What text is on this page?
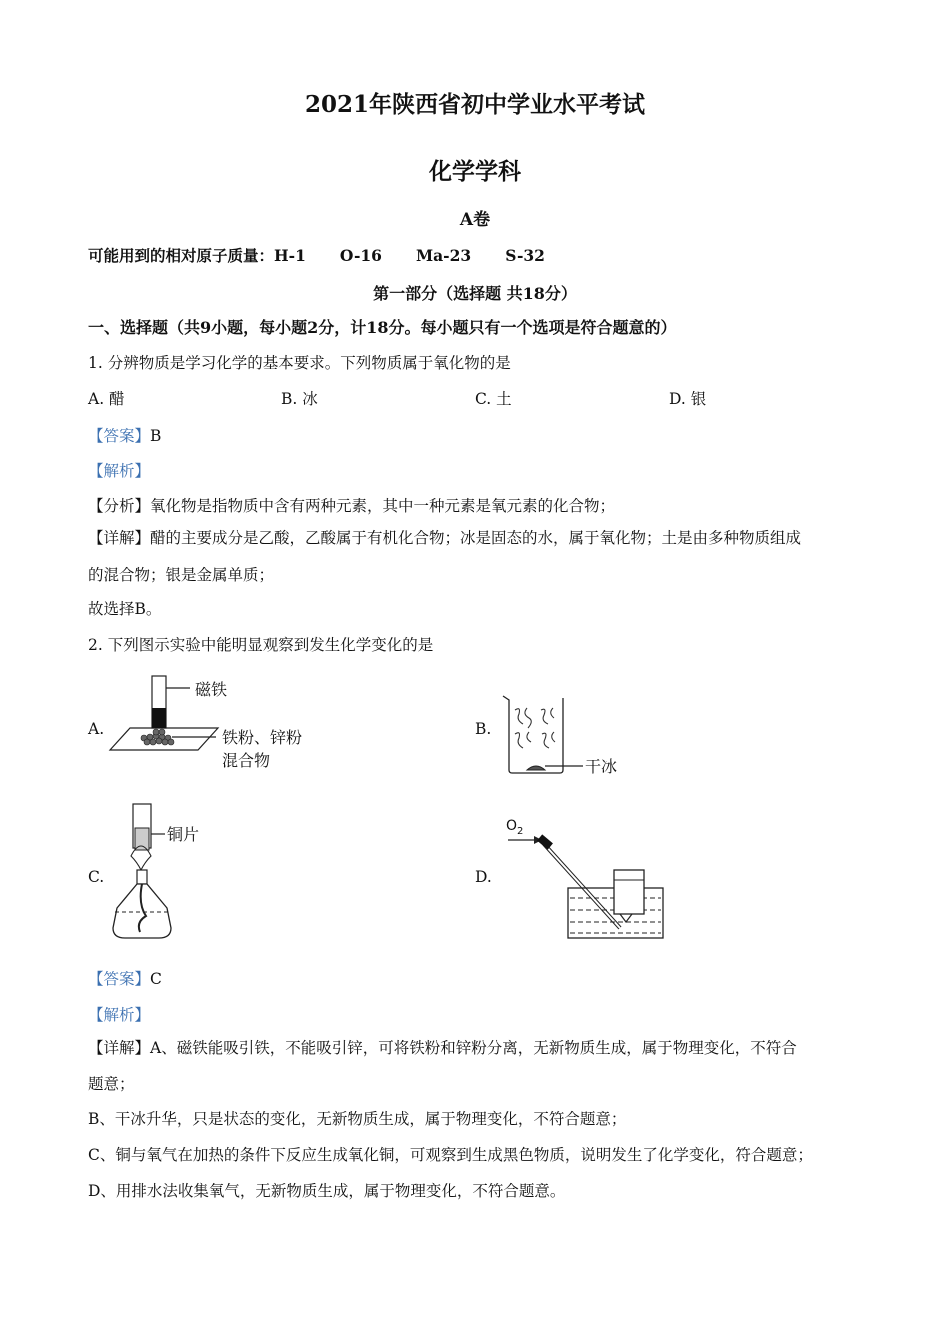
2021年陕西省初中学业水平考试
化学学科
A卷
可能用到的相对原子质量：H-1 O-16 Ma-23 S-32
第一部分（选择题 共18分）
一、选择题（共9小题，每小题2分，计18分。每小题只有一个选项是符合题意的）
1. 分辨物质是学习化学的基本要求。下列物质属于氧化物的是
A. 醋	B. 冰	C. 土	D. 银
【答案】B
【解析】
【分析】氧化物是指物质中含有两种元素，其中一种元素是氧元素的化合物；
【详解】醋的主要成分是乙酸，乙酸属于有机化合物；冰是固态的水，属于氧化物；土是由多种物质组成
的混合物；银是金属单质；
故选择B。
2. 下列图示实验中能明显观察到发生化学变化的是
A.	B.
C.	D.
磁铁
铁粉、锌粉
混合物	干冰
铜片	$O_2$
【答案】C
【解析】
【详解】A、磁铁能吸引铁，不能吸引锌，可将铁粉和锌粉分离，无新物质生成，属于物理变化，不符合
题意；
B、干冰升华，只是状态的变化，无新物质生成，属于物理变化，不符合题意；
C、铜与氧气在加热的条件下反应生成氧化铜，可观察到生成黑色物质，说明发生了化学变化，符合题意；
D、用排水法收集氧气，无新物质生成，属于物理变化，不符合题意。
